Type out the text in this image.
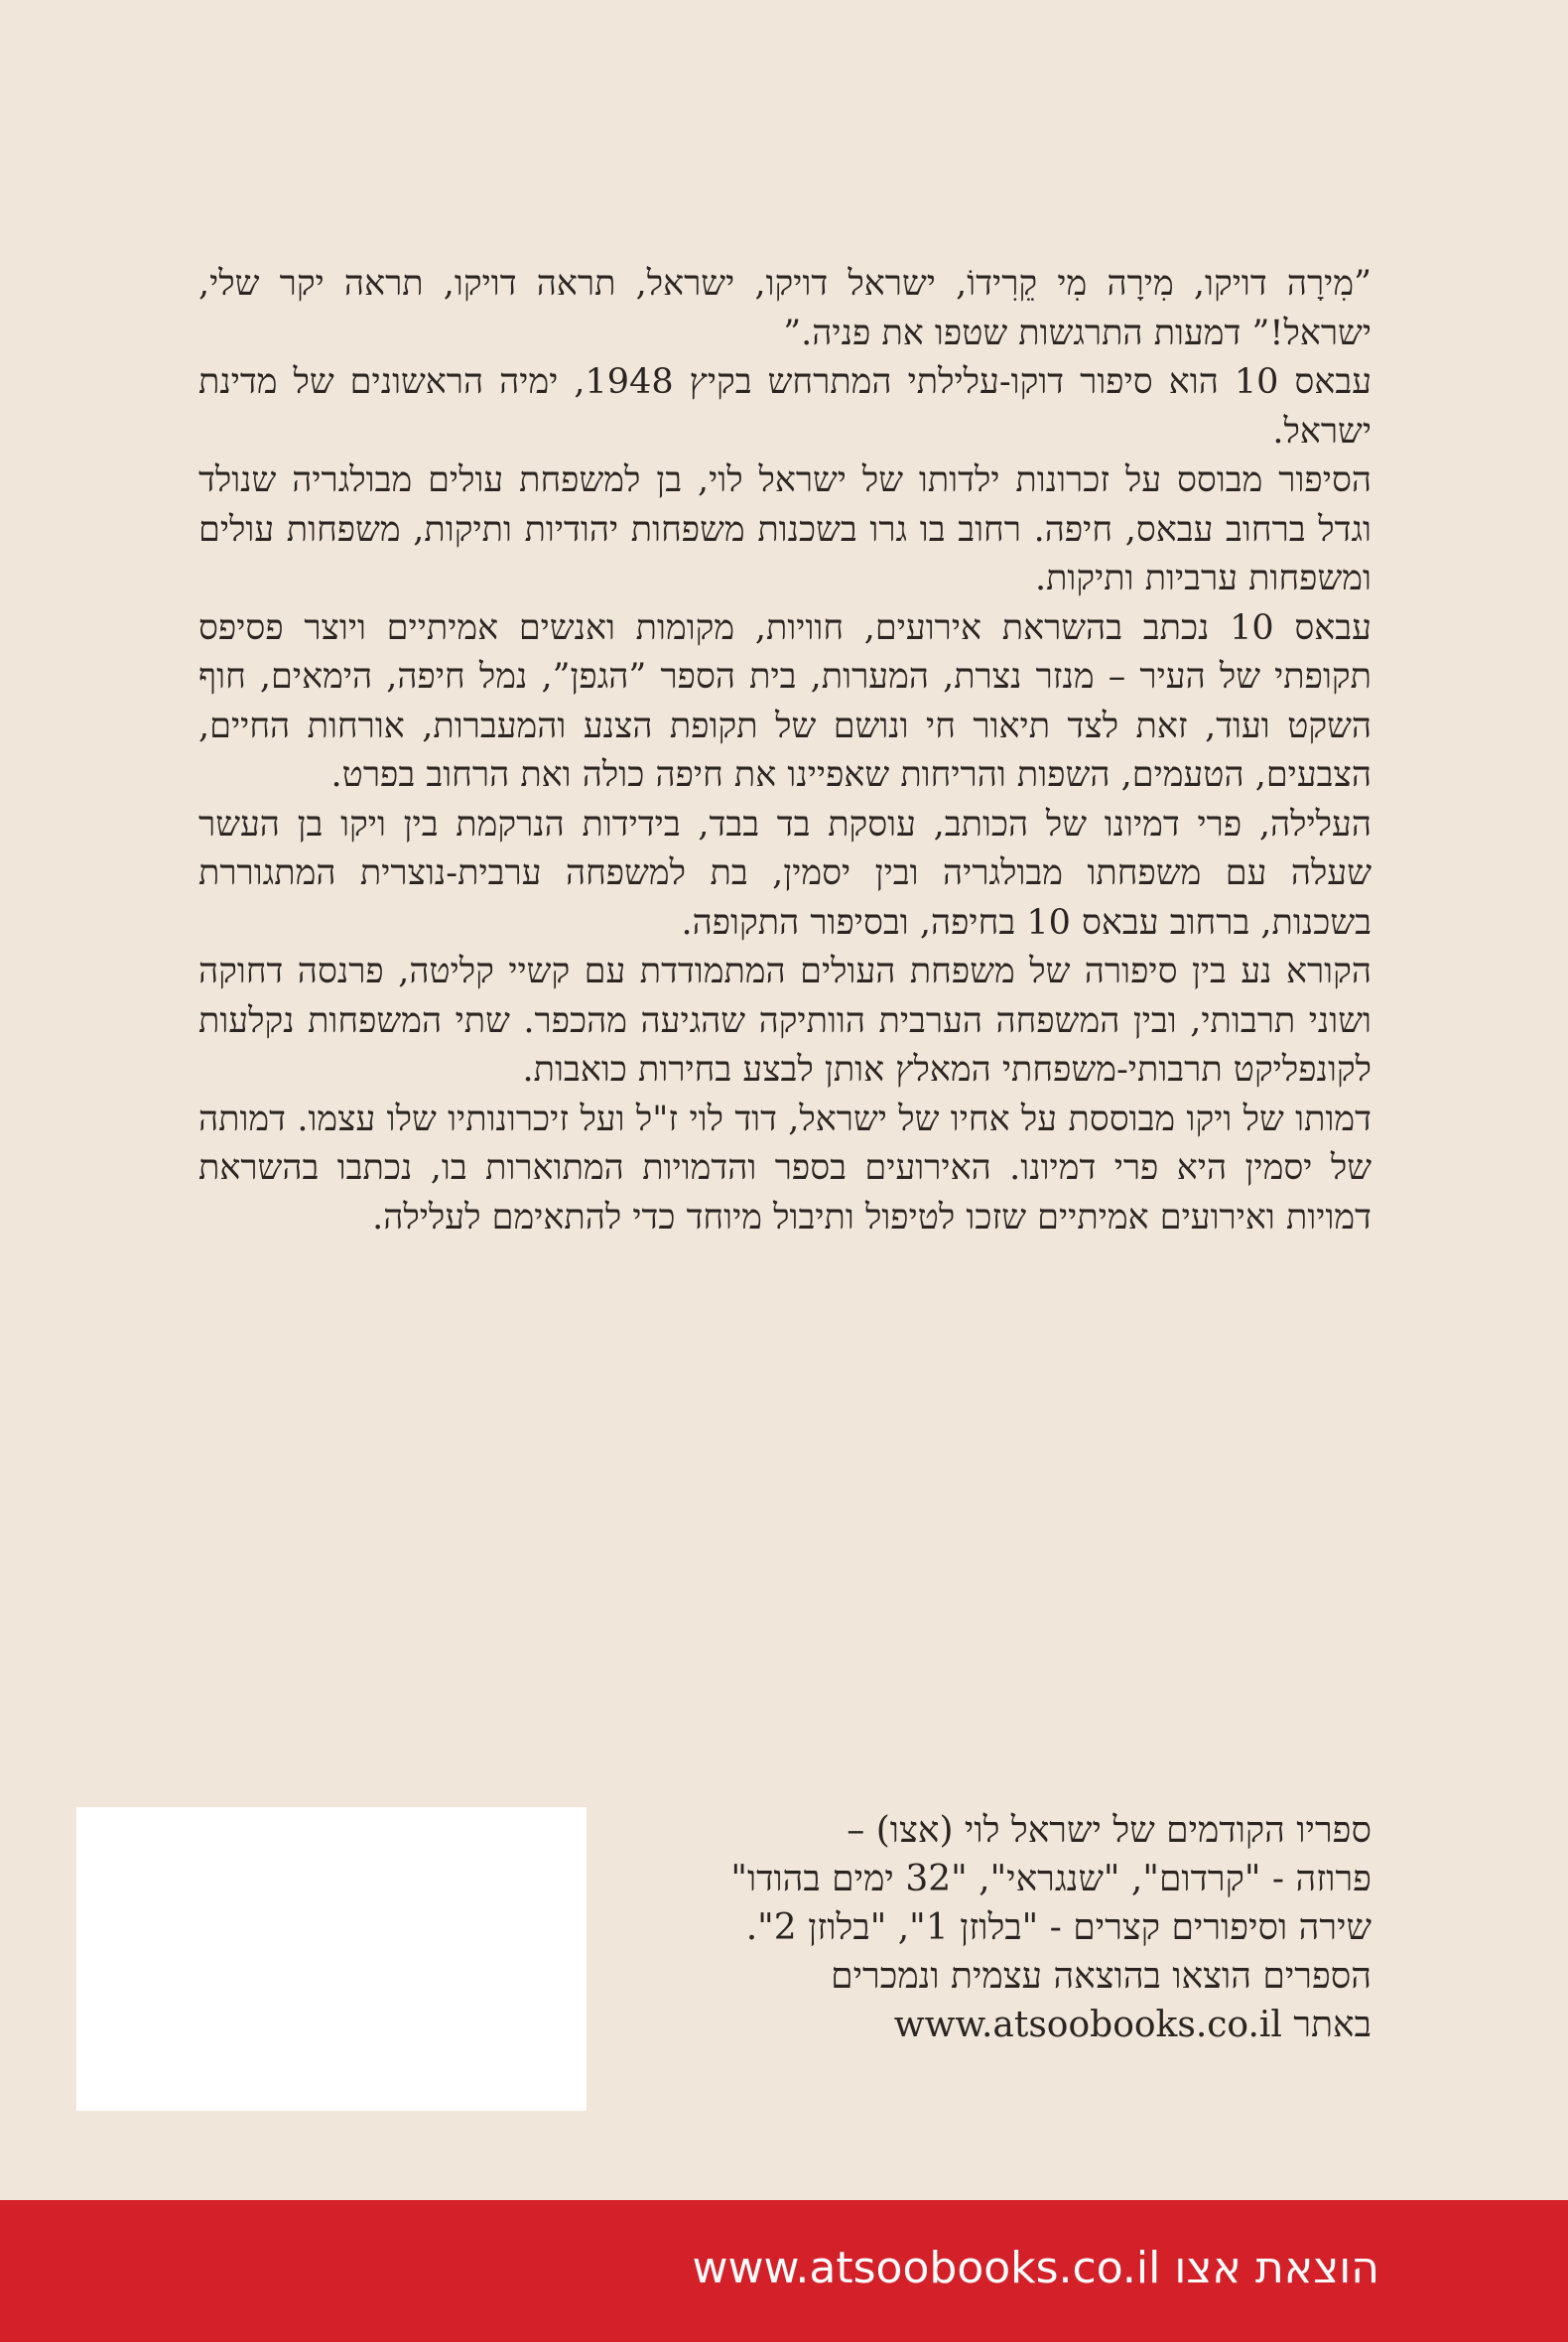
”מִירָה דויקו, מִירָה מִי קֵרִידוֹ, ישראל דויקו, ישראל, תראה דויקו, תראה יקר שלי, ישראל!” דמעות התרגשות שטפו את פניה.”

עבאס 10 הוא סיפור דוקו-עלילתי המתרחש בקיץ 1948, ימיה הראשונים של מדינת ישראל.

הסיפור מבוסס על זכרונות ילדותו של ישראל לוי, בן למשפחת עולים מבולגריה שנולד וגדל ברחוב עבאס, חיפה. רחוב בו גרו בשכנות משפחות יהודיות ותיקות, משפחות עולים ומשפחות ערביות ותיקות.

עבאס 10 נכתב בהשראת אירועים, חוויות, מקומות ואנשים אמיתיים ויוצר פסיפס תקופתי של העיר – מנזר נצרת, המערות, בית הספר ”הגפן”, נמל חיפה, הימאים, חוף השקט ועוד, זאת לצד תיאור חי ונושם של תקופת הצנע והמעברות, אורחות החיים, הצבעים, הטעמים, השפות והריחות שאפיינו את חיפה כולה ואת הרחוב בפרט.

העלילה, פרי דמיונו של הכותב, עוסקת בד בבד, בידידות הנרקמת בין ויקו בן העשר שעלה עם משפחתו מבולגריה ובין יסמין, בת למשפחה ערבית-נוצרית המתגוררת בשכנות, ברחוב עבאס 10 בחיפה, ובסיפור התקופה.

הקורא נע בין סיפורה של משפחת העולים המתמודדת עם קשיי קליטה, פרנסה דחוקה ושוני תרבותי, ובין המשפחה הערבית הוותיקה שהגיעה מהכפר. שתי המשפחות נקלעות לקונפליקט תרבותי-משפחתי המאלץ אותן לבצע בחירות כואבות.

דמותו של ויקו מבוססת על אחיו של ישראל, דוד לוי ז"ל ועל זיכרונותיו שלו עצמו. דמותה של יסמין היא פרי דמיונו. האירועים בספר והדמויות המתוארות בו, נכתבו בהשראת דמויות ואירועים אמיתיים שזכו לטיפול ותיבול מיוחד כדי להתאימם לעלילה.

ספריו הקודמים של ישראל לוי (אצו) –
פרוזה - "קרדום", "שנגראי", "32 ימים בהודו"
שירה וסיפורים קצרים - "בלוזן 1", "בלוזן 2".
הספרים הוצאו בהוצאה עצמית ונמכרים
באתר www.atsoobooks.co.il
הוצאת אצו www.atsoobooks.co.il
